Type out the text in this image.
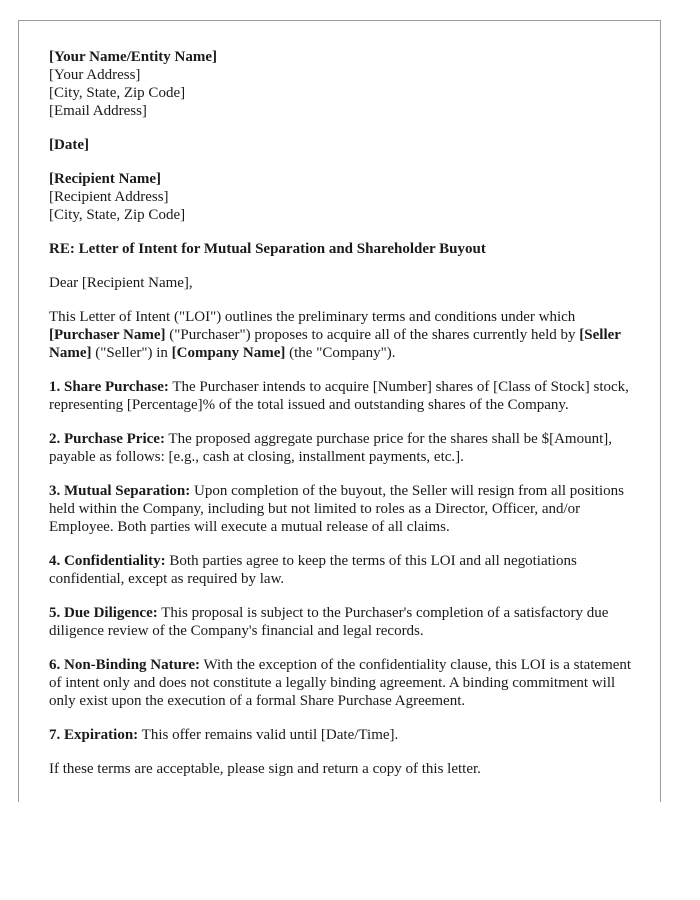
[Your Name/Entity Name]
[Your Address]
[City, State, Zip Code]
[Email Address]
[Date]
[Recipient Name]
[Recipient Address]
[City, State, Zip Code]

RE: Letter of Intent for Mutual Separation and Shareholder Buyout

Dear [Recipient Name],

This Letter of Intent ("LOI") outlines the preliminary terms and conditions under which [Purchaser Name] ("Purchaser") proposes to acquire all of the shares currently held by [Seller Name] ("Seller") in [Company Name] (the "Company").

1. Share Purchase: The Purchaser intends to acquire [Number] shares of [Class of Stock] stock, representing [Percentage]% of the total issued and outstanding shares of the Company.

2. Purchase Price: The proposed aggregate purchase price for the shares shall be $[Amount], payable as follows: [e.g., cash at closing, installment payments, etc.].

3. Mutual Separation: Upon completion of the buyout, the Seller will resign from all positions held within the Company, including but not limited to roles as a Director, Officer, and/or Employee. Both parties will execute a mutual release of all claims.

4. Confidentiality: Both parties agree to keep the terms of this LOI and all negotiations confidential, except as required by law.

5. Due Diligence: This proposal is subject to the Purchaser's completion of a satisfactory due diligence review of the Company's financial and legal records.

6. Non-Binding Nature: With the exception of the confidentiality clause, this LOI is a statement of intent only and does not constitute a legally binding agreement. A binding commitment will only exist upon the execution of a formal Share Purchase Agreement.

7. Expiration: This offer remains valid until [Date/Time].

If these terms are acceptable, please sign and return a copy of this letter.
